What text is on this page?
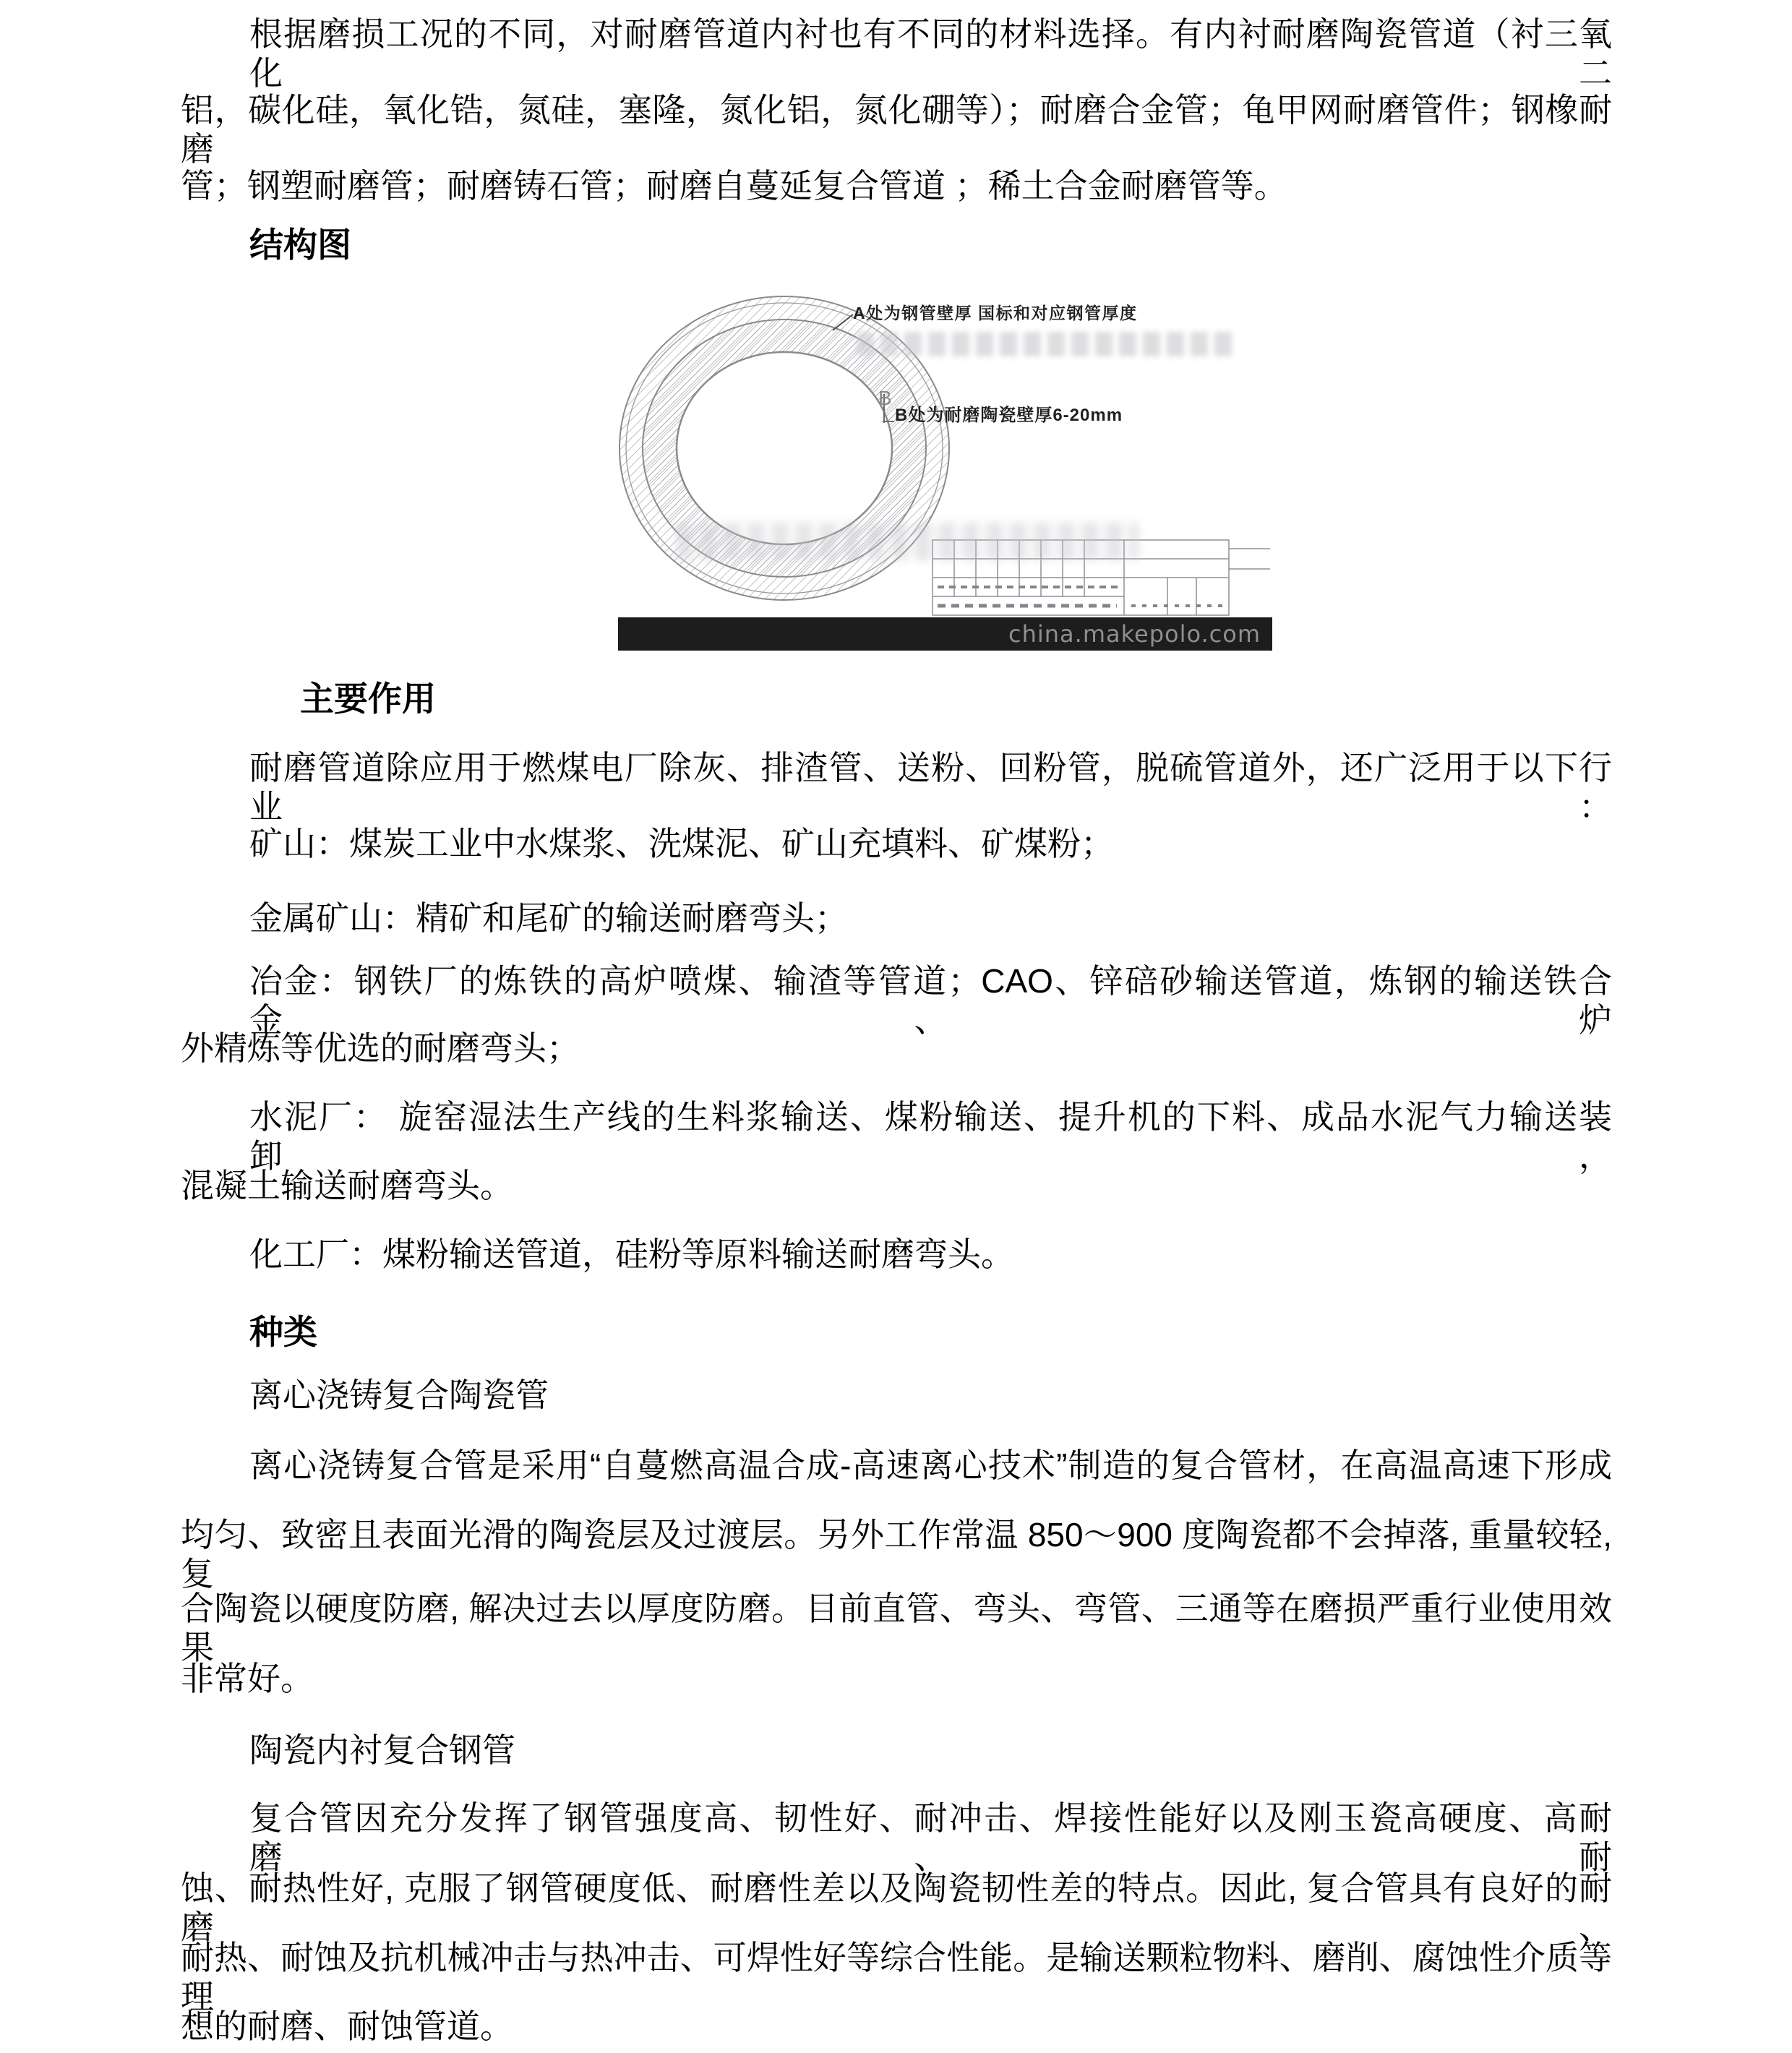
根据磨损工况的不同，对耐磨管道内衬也有不同的材料选择。有内衬耐磨陶瓷管道（衬三氧化二
铝，碳化硅，氧化锆，氮硅，塞隆，氮化铝，氮化硼等）；耐磨合金管；龟甲网耐磨管件；钢橡耐磨
管；钢塑耐磨管；耐磨铸石管；耐磨自蔓延复合管道 ；稀土合金耐磨管等。
结构图
A处为钢管壁厚 国标和对应钢管厚度
B
B处为耐磨陶瓷壁厚6-20mm
china.makepolo.com
主要作用
耐磨管道除应用于燃煤电厂除灰、排渣管、送粉、回粉管，脱硫管道外，还广泛用于以下行业：
矿山：煤炭工业中水煤浆、洗煤泥、矿山充填料、矿煤粉；
金属矿山：精矿和尾矿的输送耐磨弯头；
冶金：钢铁厂的炼铁的高炉喷煤、输渣等管道；CAO、锌碚砂输送管道，炼钢的输送铁合金、炉
外精炼等优选的耐磨弯头；
水泥厂： 旋窑湿法生产线的生料浆输送、煤粉输送、提升机的下料、成品水泥气力输送装卸，
混凝土输送耐磨弯头。
化工厂：煤粉输送管道，硅粉等原料输送耐磨弯头。
种类
离心浇铸复合陶瓷管
离心浇铸复合管是采用“自蔓燃高温合成-高速离心技术”制造的复合管材，在高温高速下形成
均匀、致密且表面光滑的陶瓷层及过渡层。另外工作常温 850～900 度陶瓷都不会掉落, 重量较轻, 复
合陶瓷以硬度防磨, 解决过去以厚度防磨。目前直管、弯头、弯管、三通等在磨损严重行业使用效果
非常好。
陶瓷内衬复合钢管
复合管因充分发挥了钢管强度高、韧性好、耐冲击、焊接性能好以及刚玉瓷高硬度、高耐磨、耐
蚀、耐热性好, 克服了钢管硬度低、耐磨性差以及陶瓷韧性差的特点。因此, 复合管具有良好的耐磨、
耐热、耐蚀及抗机械冲击与热冲击、可焊性好等综合性能。是输送颗粒物料、磨削、腐蚀性介质等理
想的耐磨、耐蚀管道。
